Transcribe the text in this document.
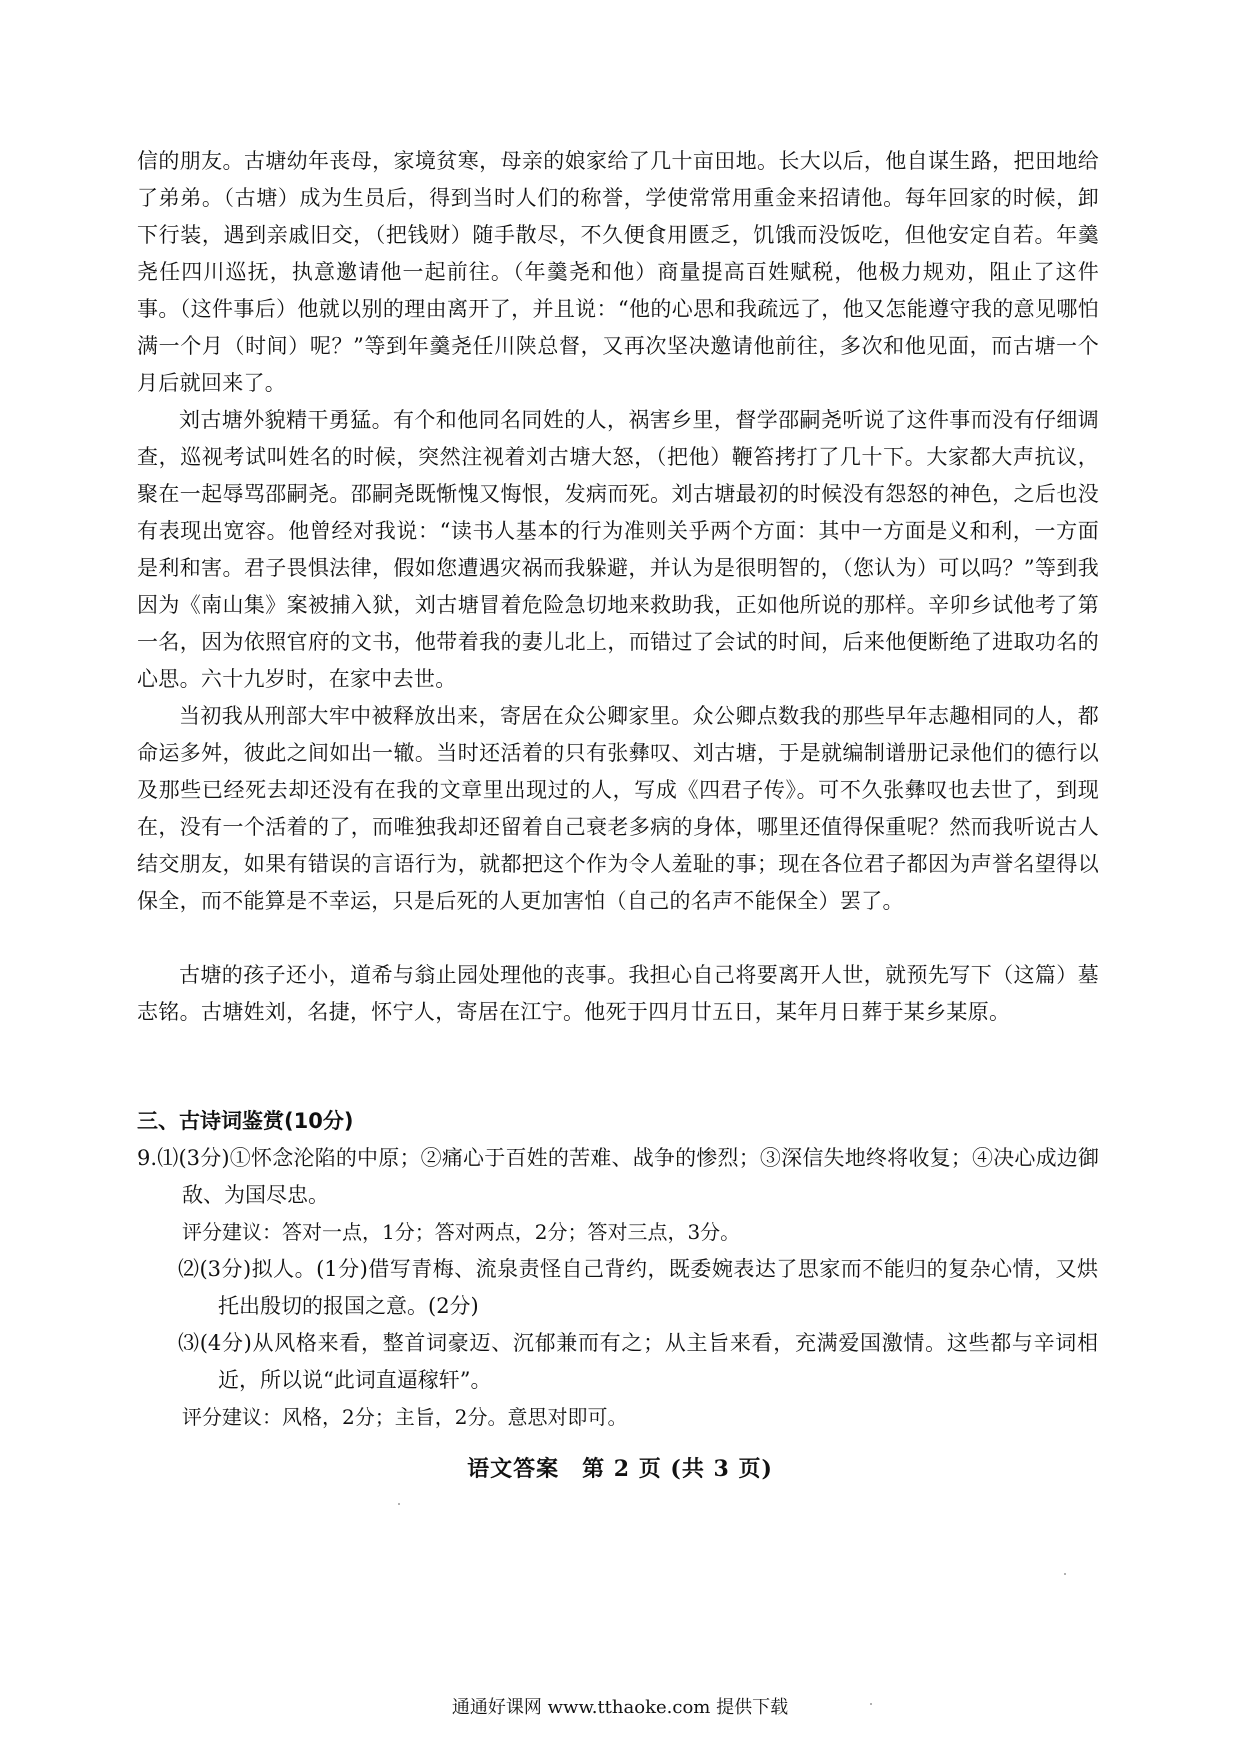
信的朋友。古塘幼年丧母，家境贫寒，母亲的娘家给了几十亩田地。长大以后，他自谋生路，把田地给了弟弟。（古塘）成为生员后，得到当时人们的称誉，学使常常用重金来招请他。每年回家的时候，卸下行装，遇到亲戚旧交，（把钱财）随手散尽，不久便食用匮乏，饥饿而没饭吃，但他安定自若。年羹尧任四川巡抚，执意邀请他一起前往。（年羹尧和他）商量提高百姓赋税，他极力规劝，阻止了这件事。（这件事后）他就以别的理由离开了，并且说：“他的心思和我疏远了，他又怎能遵守我的意见哪怕满一个月（时间）呢？”等到年羹尧任川陕总督，又再次坚决邀请他前往，多次和他见面，而古塘一个月后就回来了。
刘古塘外貌精干勇猛。有个和他同名同姓的人，祸害乡里，督学邵嗣尧听说了这件事而没有仔细调查，巡视考试叫姓名的时候，突然注视着刘古塘大怒，（把他）鞭笞拷打了几十下。大家都大声抗议，聚在一起辱骂邵嗣尧。邵嗣尧既惭愧又悔恨，发病而死。刘古塘最初的时候没有怨怒的神色，之后也没有表现出宽容。他曾经对我说：“读书人基本的行为准则关乎两个方面：其中一方面是义和利，一方面是利和害。君子畏惧法律，假如您遭遇灾祸而我躲避，并认为是很明智的，（您认为）可以吗？”等到我因为《南山集》案被捕入狱，刘古塘冒着危险急切地来救助我，正如他所说的那样。辛卯乡试他考了第一名，因为依照官府的文书，他带着我的妻儿北上，而错过了会试的时间，后来他便断绝了进取功名的心思。六十九岁时，在家中去世。
当初我从刑部大牢中被释放出来，寄居在众公卿家里。众公卿点数我的那些早年志趣相同的人，都命运多舛，彼此之间如出一辙。当时还活着的只有张彝叹、刘古塘，于是就编制谱册记录他们的德行以及那些已经死去却还没有在我的文章里出现过的人，写成《四君子传》。可不久张彝叹也去世了，到现在，没有一个活着的了，而唯独我却还留着自己衰老多病的身体，哪里还值得保重呢？然而我听说古人结交朋友，如果有错误的言语行为，就都把这个作为令人羞耻的事；现在各位君子都因为声誉名望得以保全，而不能算是不幸运，只是后死的人更加害怕（自己的名声不能保全）罢了。
古塘的孩子还小，道希与翁止园处理他的丧事。我担心自己将要离开人世，就预先写下（这篇）墓志铭。古塘姓刘，名捷，怀宁人，寄居在江宁。他死于四月廿五日，某年月日葬于某乡某原。
三、古诗词鉴赏(10分)
9.⑴(3分)①怀念沦陷的中原；②痛心于百姓的苦难、战争的惨烈；③深信失地终将收复；④决心成边御敌、为国尽忠。
评分建议：答对一点，1分；答对两点，2分；答对三点，3分。
⑵(3分)拟人。(1分)借写青梅、流泉责怪自己背约，既委婉表达了思家而不能归的复杂心情，又烘托出殷切的报国之意。(2分)
⑶(4分)从风格来看，整首词豪迈、沉郁兼而有之；从主旨来看，充满爱国激情。这些都与辛词相近，所以说“此词直逼稼轩”。
评分建议：风格，2分；主旨，2分。意思对即可。
语文答案　第 2 页 (共 3 页)
通通好课网 www.tthaoke.com 提供下载
